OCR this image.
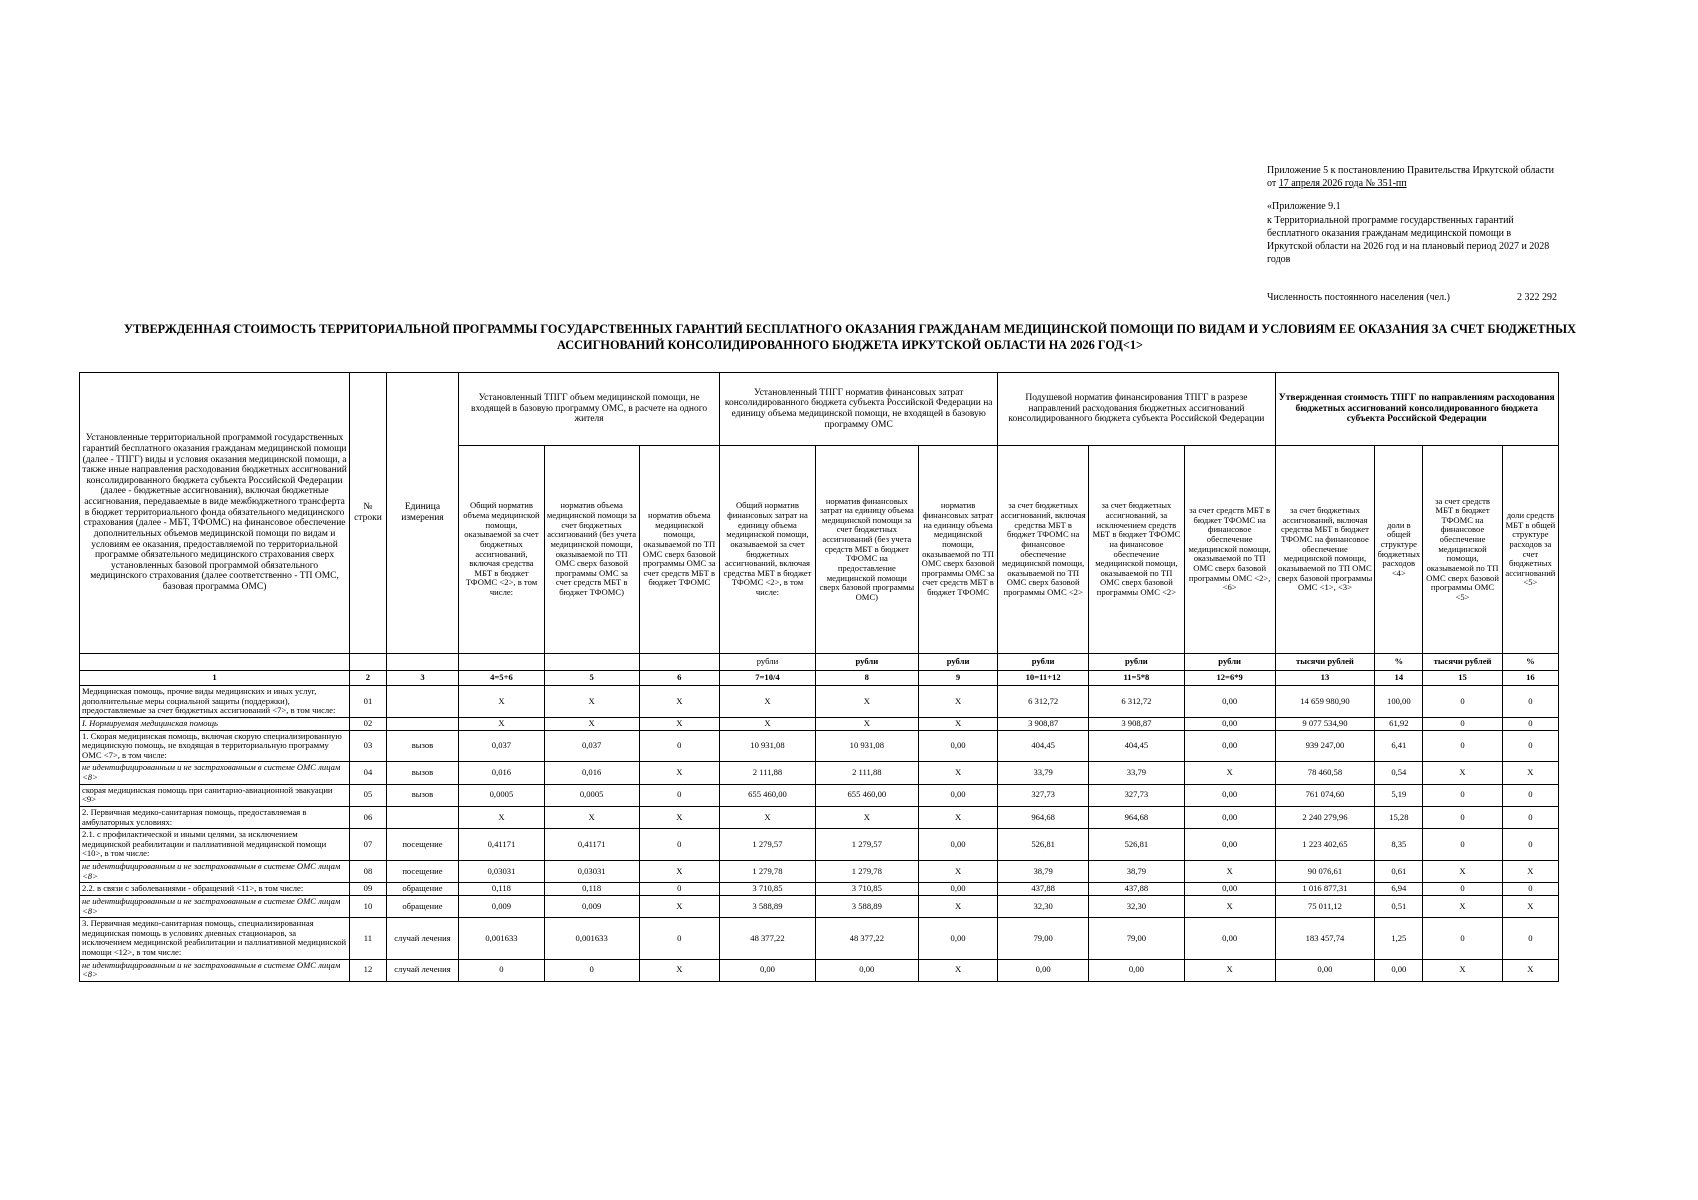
Приложение 5 к постановлению Правительства Иркутской области
от 17 апреля 2026 года № 351-пп
«Приложение 9.1
к Территориальной программе государственных гарантий бесплатного оказания гражданам медицинской помощи в Иркутской области на 2026 год и на плановый период 2027 и 2028 годов
Численность постоянного населения (чел.)	2 322 292
УТВЕРЖДЕННАЯ СТОИМОСТЬ ТЕРРИТОРИАЛЬНОЙ ПРОГРАММЫ ГОСУДАРСТВЕННЫХ ГАРАНТИЙ БЕСПЛАТНОГО ОКАЗАНИЯ ГРАЖДАНАМ МЕДИЦИНСКОЙ ПОМОЩИ ПО ВИДАМ И УСЛОВИЯМ ЕЕ ОКАЗАНИЯ ЗА СЧЕТ БЮДЖЕТНЫХ АССИГНОВАНИЙ КОНСОЛИДИРОВАННОГО БЮДЖЕТА ИРКУТСКОЙ ОБЛАСТИ НА 2026 ГОД<1>
Установленные территориальной программой государственных гарантий бесплатного оказания гражданам медицинской помощи (далее - ТПГГ) виды и условия оказания медицинской помощи, а также иные направления расходования бюджетных ассигнований консолидированного бюджета субъекта Российской Федерации (далее - бюджетные ассигнования), включая бюджетные ассигнования, передаваемые в виде межбюджетного трансферта в бюджет территориального фонда обязательного медицинского страхования (далее - МБТ, ТФОМС) на финансовое обеспечение дополнительных объемов медицинской помощи по видам и условиям ее оказания, предоставляемой по территориальной программе обязательного медицинского страхования сверх установленных базовой программой обязательного медицинского страхования (далее соответственно - ТП ОМС, базовая программа ОМС)	№ строки	Единица измерения	Установленный ТПГГ объем медицинской помощи, не входящей в базовую программу ОМС, в расчете на одного жителя			Установленный ТПГГ норматив финансовых затрат консолидированного бюджета субъекта Российской Федерации на единицу объема медицинской помощи, не входящей в базовую программу ОМС			Подушевой норматив финансирования ТПГГ в разрезе направлений расходования бюджетных ассигнований консолидированного бюджета субъекта Российской Федерации			Утвержденная стоимость ТПГГ по направлениям расходования бюджетных ассигнований консолидированного бюджета субъекта Российской Федерации			
			Общий норматив объема медицинской помощи, оказываемой за счет бюджетных ассигнований, включая средства МБТ в бюджет ТФОМС <2>, в том числе:	норматив объема медицинской помощи за счет бюджетных ассигнований (без учета медицинской помощи, оказываемой по ТП ОМС сверх базовой программы ОМС за счет средств МБТ в бюджет ТФОМС)	норматив объема медицинской помощи, оказываемой по ТП ОМС сверх базовой программы ОМС за счет средств МБТ в бюджет ТФОМС	Общий норматив финансовых затрат на единицу объема медицинской помощи, оказываемой за счет бюджетных ассигнований, включая средства МБТ в бюджет ТФОМС <2>, в том числе:	норматив финансовых затрат на единицу объема медицинской помощи за счет бюджетных ассигнований (без учета средств МБТ в бюджет ТФОМС на предоставление медицинской помощи сверх базовой программы ОМС)	норматив финансовых затрат на единицу объема медицинской помощи, оказываемой по ТП ОМС сверх базовой программы ОМС за счет средств МБТ в бюджет ТФОМС	за счет бюджетных ассигнований, включая средства МБТ в бюджет ТФОМС на финансовое обеспечение медицинской помощи, оказываемой по ТП ОМС сверх базовой программы ОМС <2>	за счет бюджетных ассигнований, за исключением средств МБТ в бюджет ТФОМС на финансовое обеспечение медицинской помощи, оказываемой по ТП ОМС сверх базовой программы ОМС <2>	за счет средств МБТ в бюджет ТФОМС на финансовое обеспечение медицинской помощи, оказываемой по ТП ОМС сверх базовой программы ОМС <2>, <6>	за счет бюджетных ассигнований, включая средства МБТ в бюджет ТФОМС на финансовое обеспечение медицинской помощи, оказываемой по ТП ОМС сверх базовой программы ОМС <1>, <3>	доли в общей структуре бюджетных расходов <4>	за счет средств МБТ в бюджет ТФОМС на финансовое обеспечение медицинской помощи, оказываемой по ТП ОМС сверх базовой программы ОМС <5>	доли средств МБТ в общей структуре расходов за счет бюджетных ассигнований <5>
						рубли	рубли	рубли	рубли	рубли	рубли	тысячи рублей	%	тысячи рублей	%
1	2	3	4=5+6	5	6	7=10/4	8	9	10=11+12	11=5*8	12=6*9	13	14	15	16
Медицинская помощь, прочие виды медицинских и иных услуг, дополнительные меры социальной защиты (поддержки), предоставляемые за счет бюджетных ассигнований <7>, в том числе:	01		X	X	X	X	X	X	6 312,72	6 312,72	0,00	14 659 980,90	100,00	0	0
I. Нормируемая медицинская помощь	02		X	X	X	X	X	X	3 908,87	3 908,87	0,00	9 077 534,90	61,92	0	0
1. Скорая медицинская помощь, включая скорую специализированную медицинскую помощь, не входящая в территориальную программу ОМС <7>, в том числе:	03	вызов	0,037	0,037	0	10 931,08	10 931,08	0,00	404,45	404,45	0,00	939 247,00	6,41	0	0
не идентифицированным и не застрахованным в системе ОМС лицам <8>	04	вызов	0,016	0,016	X	2 111,88	2 111,88	X	33,79	33,79	X	78 460,58	0,54	X	X
скорая медицинская помощь при санитарно-авиационной эвакуации <9>	05	вызов	0,0005	0,0005	0	655 460,00	655 460,00	0,00	327,73	327,73	0,00	761 074,60	5,19	0	0
2. Первичная медико-санитарная помощь, предоставляемая в амбулаторных условиях:	06		X	X	X	X	X	X	964,68	964,68	0,00	2 240 279,96	15,28	0	0
2.1. с профилактической и иными целями, за исключением медицинской реабилитации и паллиативной медицинской помощи <10>, в том числе:	07	посещение	0,41171	0,41171	0	1 279,57	1 279,57	0,00	526,81	526,81	0,00	1 223 402,65	8,35	0	0
не идентифицированным и не застрахованным в системе ОМС лицам <8>	08	посещение	0,03031	0,03031	X	1 279,78	1 279,78	X	38,79	38,79	X	90 076,61	0,61	X	X
2.2. в связи с заболеваниями - обращений <11>, в том числе:	09	обращение	0,118	0,118	0	3 710,85	3 710,85	0,00	437,88	437,88	0,00	1 016 877,31	6,94	0	0
не идентифицированным и не застрахованным в системе ОМС лицам <8>	10	обращение	0,009	0,009	X	3 588,89	3 588,89	X	32,30	32,30	X	75 011,12	0,51	X	X
3. Первичная медико-санитарная помощь, специализированная медицинская помощь в условиях дневных стационаров, за исключением медицинской реабилитации и паллиативной медицинской помощи <12>, в том числе:	11	случай лечения	0,001633	0,001633	0	48 377,22	48 377,22	0,00	79,00	79,00	0,00	183 457,74	1,25	0	0
не идентифицированным и не застрахованным в системе ОМС лицам <8>	12	случай лечения	0	0	X	0,00	0,00	X	0,00	0,00	X	0,00	0,00	X	X
